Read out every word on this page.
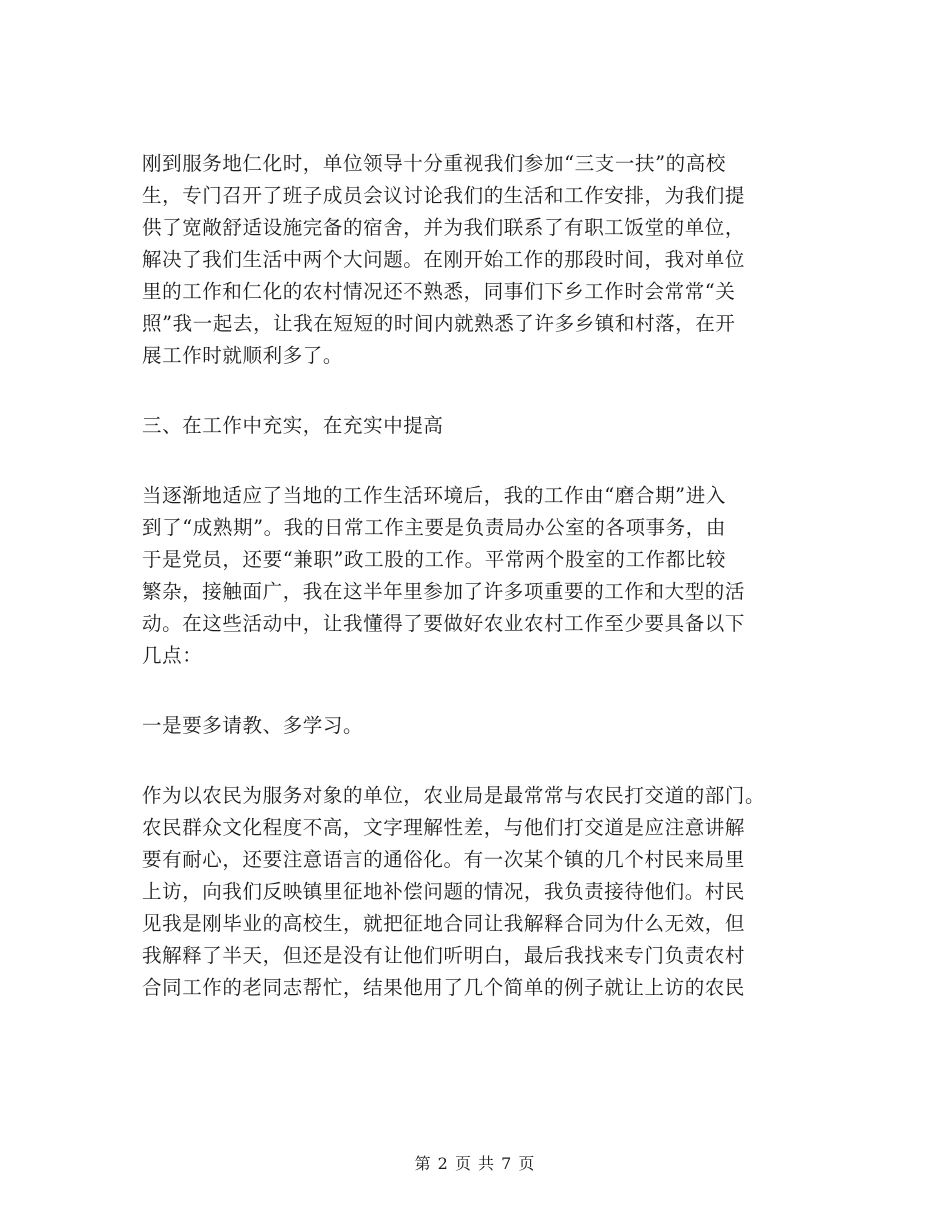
刚到服务地仁化时，单位领导十分重视我们参加“三支一扶”的高校
生，专门召开了班子成员会议讨论我们的生活和工作安排，为我们提
供了宽敞舒适设施完备的宿舍，并为我们联系了有职工饭堂的单位，
解决了我们生活中两个大问题。在刚开始工作的那段时间，我对单位
里的工作和仁化的农村情况还不熟悉，同事们下乡工作时会常常“关
照”我一起去，让我在短短的时间内就熟悉了许多乡镇和村落，在开
展工作时就顺利多了。
三、在工作中充实，在充实中提高
当逐渐地适应了当地的工作生活环境后，我的工作由“磨合期”进入
到了“成熟期”。我的日常工作主要是负责局办公室的各项事务，由
于是党员，还要“兼职”政工股的工作。平常两个股室的工作都比较
繁杂，接触面广，我在这半年里参加了许多项重要的工作和大型的活
动。在这些活动中，让我懂得了要做好农业农村工作至少要具备以下
几点：
一是要多请教、多学习。
作为以农民为服务对象的单位，农业局是最常常与农民打交道的部门。
农民群众文化程度不高，文字理解性差，与他们打交道是应注意讲解
要有耐心，还要注意语言的通俗化。有一次某个镇的几个村民来局里
上访，向我们反映镇里征地补偿问题的情况，我负责接待他们。村民
见我是刚毕业的高校生，就把征地合同让我解释合同为什么无效，但
我解释了半天，但还是没有让他们听明白，最后我找来专门负责农村
合同工作的老同志帮忙，结果他用了几个简单的例子就让上访的农民
第 2 页 共 7 页
